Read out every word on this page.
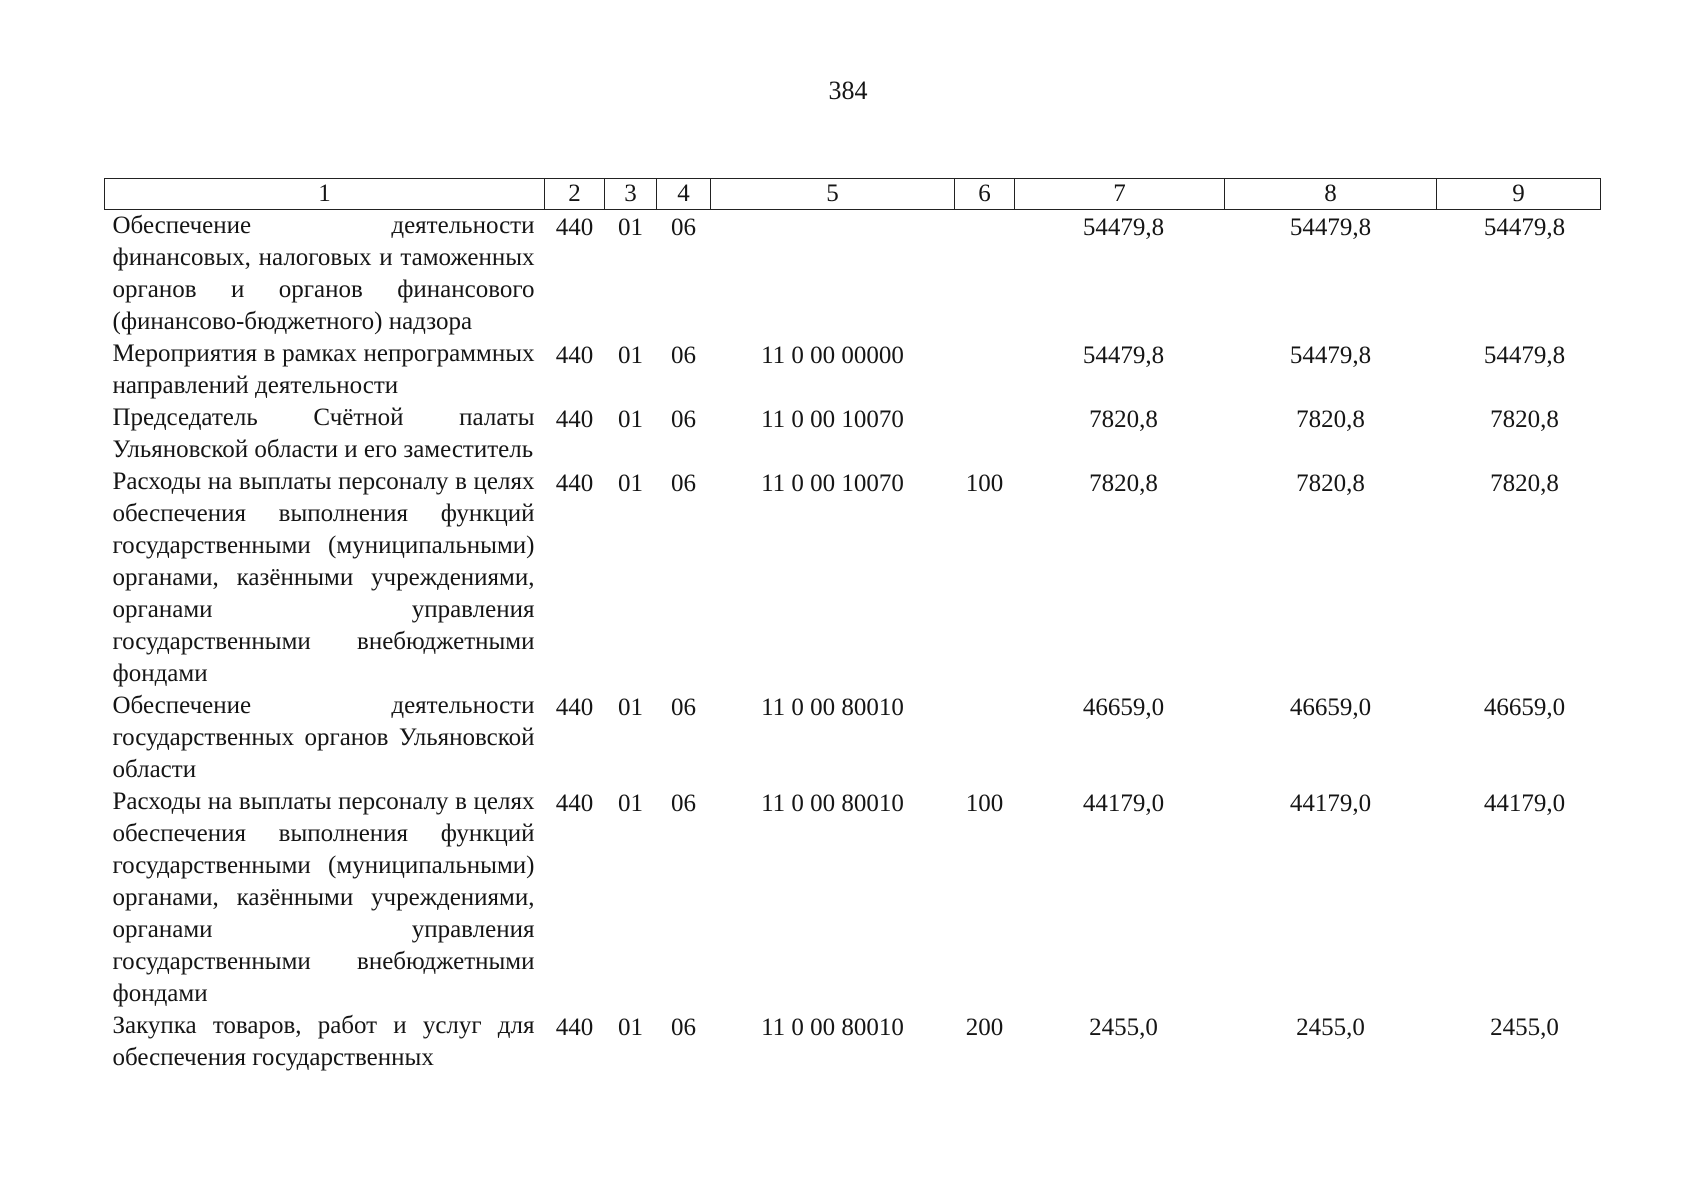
384
1	2	3	4	5	6	7	8	9
Обеспечение деятельности финансовых, налоговых и таможенных органов и органов финансового (финансово-бюджетного) надзора	440	01	06			54479,8	54479,8	54479,8
Мероприятия в рамках непрограммных направлений деятельности	440	01	06	11 0 00 00000		54479,8	54479,8	54479,8
Председатель Счётной палаты Ульяновской области и его заместитель	440	01	06	11 0 00 10070		7820,8	7820,8	7820,8
Расходы на выплаты персоналу в целях обеспечения выполнения функций государственными (муниципальными) органами, казёнными учреждениями, органами управления государственными внебюджетными фондами	440	01	06	11 0 00 10070	100	7820,8	7820,8	7820,8
Обеспечение деятельности государственных органов Ульяновской области	440	01	06	11 0 00 80010		46659,0	46659,0	46659,0
Расходы на выплаты персоналу в целях обеспечения выполнения функций государственными (муниципальными) органами, казёнными учреждениями, органами управления государственными внебюджетными фондами	440	01	06	11 0 00 80010	100	44179,0	44179,0	44179,0
Закупка товаров, работ и услуг для обеспечения государственных	440	01	06	11 0 00 80010	200	2455,0	2455,0	2455,0
